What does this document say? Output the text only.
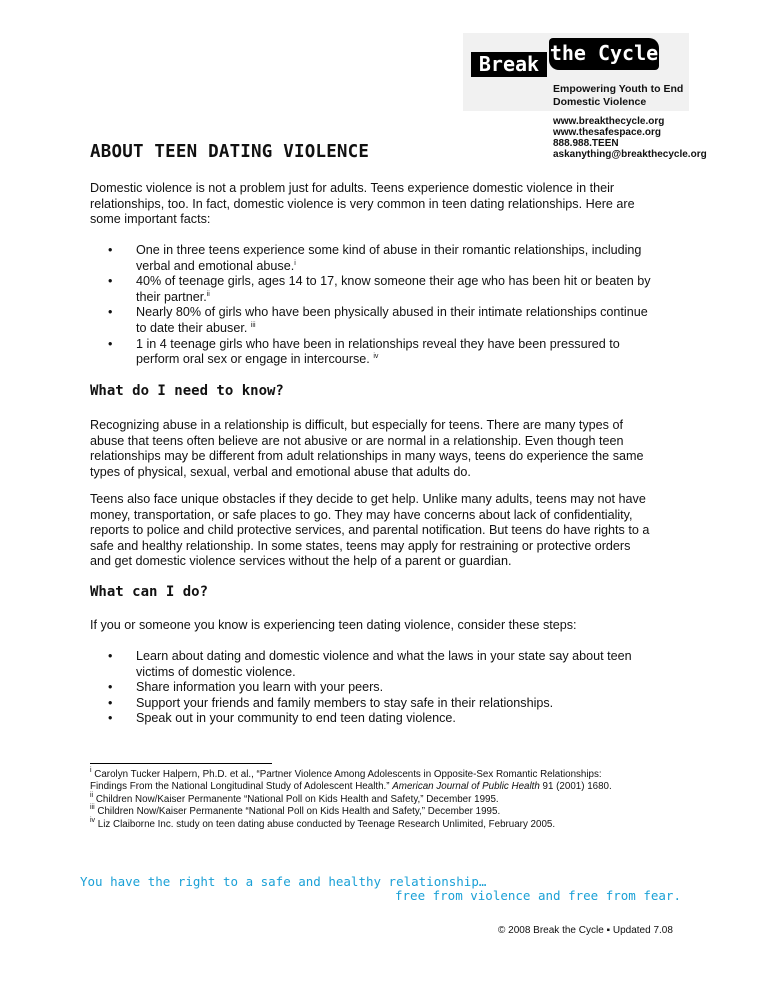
the Cycle
Break
Empowering Youth to End
Domestic Violence
www.breakthecycle.org
www.thesafespace.org
888.988.TEEN
askanything@breakthecycle.org
ABOUT TEEN DATING VIOLENCE
Domestic violence is not a problem just for adults. Teens experience domestic violence in their
relationships, too. In fact, domestic violence is very common in teen dating relationships. Here are
some important facts:
• One in three teens experience some kind of abuse in their romantic relationships, including
verbal and emotional abuse.$^i$
• 40% of teenage girls, ages 14 to 17, know someone their age who has been hit or beaten by
their partner.$^{ii}$
• Nearly 80% of girls who have been physically abused in their intimate relationships continue
to date their abuser. $^{iii}$
• 1 in 4 teenage girls who have been in relationships reveal they have been pressured to
perform oral sex or engage in intercourse. $^{iv}$
What do I need to know?
Recognizing abuse in a relationship is difficult, but especially for teens. There are many types of
abuse that teens often believe are not abusive or are normal in a relationship. Even though teen
relationships may be different from adult relationships in many ways, teens do experience the same
types of physical, sexual, verbal and emotional abuse that adults do.
Teens also face unique obstacles if they decide to get help. Unlike many adults, teens may not have
money, transportation, or safe places to go. They may have concerns about lack of confidentiality,
reports to police and child protective services, and parental notification. But teens do have rights to a
safe and healthy relationship. In some states, teens may apply for restraining or protective orders
and get domestic violence services without the help of a parent or guardian.
What can I do?
If you or someone you know is experiencing teen dating violence, consider these steps:
• Learn about dating and domestic violence and what the laws in your state say about teen
victims of domestic violence.
• Share information you learn with your peers.
• Support your friends and family members to stay safe in their relationships.
• Speak out in your community to end teen dating violence.
$^i$ Carolyn Tucker Halpern, Ph.D. et al., “Partner Violence Among Adolescents in Opposite-Sex Romantic Relationships:
Findings From the National Longitudinal Study of Adolescent Health.” American Journal of Public Health 91 (2001) 1680.
$^{ii}$ Children Now/Kaiser Permanente “National Poll on Kids Health and Safety,” December 1995.
$^{iii}$ Children Now/Kaiser Permanente “National Poll on Kids Health and Safety,” December 1995.
$^{iv}$ Liz Claiborne Inc. study on teen dating abuse conducted by Teenage Research Unlimited, February 2005.
You have the right to a safe and healthy relationship…
free from violence and free from fear.
© 2008 Break the Cycle ▪ Updated 7.08
